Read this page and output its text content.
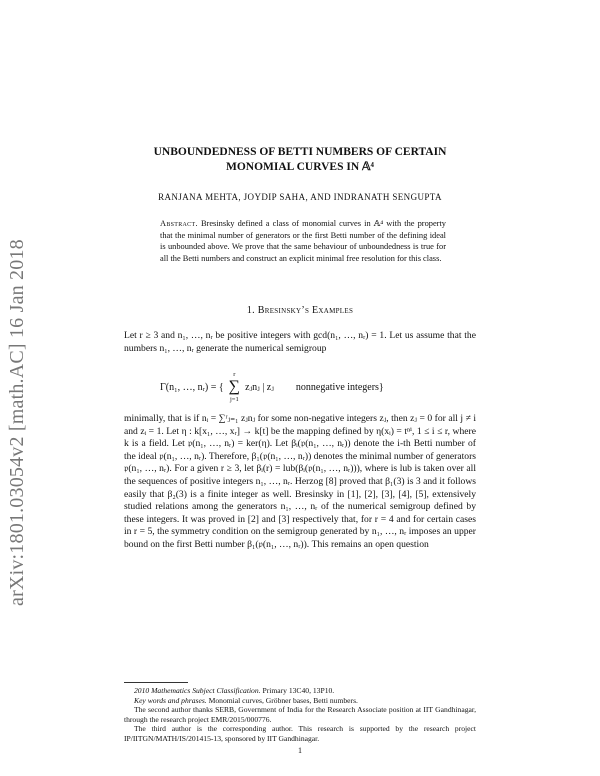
arXiv:1801.03054v2 [math.AC] 16 Jan 2018
UNBOUNDEDNESS OF BETTI NUMBERS OF CERTAIN
MONOMIAL CURVES IN 𝔸⁴
RANJANA MEHTA, JOYDIP SAHA, AND INDRANATH SENGUPTA
Abstract. Bresinsky defined a class of monomial curves in 𝔸⁴ with the property that the minimal number of generators or the first Betti number of the defining ideal is unbounded above. We prove that the same behaviour of unboundedness is true for all the Betti numbers and construct an explicit minimal free resolution for this class.
1. Bresinsky’s Examples
Let r ≥ 3 and n₁, …, nᵣ be positive integers with gcd(n₁, …, nᵣ) = 1. Let us assume that the numbers n₁, …, nᵣ generate the numerical semigroup
Γ(n₁, …, nᵣ) = {
r
∑
j=1
zⱼnⱼ | zⱼ nonnegative integers}
minimally, that is if nᵢ = ∑ʳⱼ₌₁ zⱼnⱼ for some non-negative integers zⱼ, then zⱼ = 0 for all j ≠ i and zᵢ = 1. Let η : k[x₁, …, xᵣ] → k[t] be the mapping defined by η(xᵢ) = tⁿⁱ, 1 ≤ i ≤ r, where k is a field. Let 𝔭(n₁, …, nᵣ) = ker(η). Let βᵢ(𝔭(n₁, …, nᵣ)) denote the i-th Betti number of the ideal 𝔭(n₁, …, nᵣ). Therefore, β₁(𝔭(n₁, …, nᵣ)) denotes the minimal number of generators 𝔭(n₁, …, nᵣ). For a given r ≥ 3, let βᵢ(r) = lub(βᵢ(𝔭(n₁, …, nᵣ))), where is lub is taken over all the sequences of positive integers n₁, …, nᵣ. Herzog [8] proved that β₁(3) is 3 and it follows easily that β₂(3) is a finite integer as well. Bresinsky in [1], [2], [3], [4], [5], extensively studied relations among the generators n₁, …, nᵣ of the numerical semigroup defined by these integers. It was proved in [2] and [3] respectively that, for r = 4 and for certain cases in r = 5, the symmetry condition on the semigroup generated by n₁, …, nᵣ imposes an upper bound on the first Betti number β₁(𝔭(n₁, …, nᵣ)). This remains an open question

2010 Mathematics Subject Classification. Primary 13C40, 13P10.

Key words and phrases. Monomial curves, Gröbner bases, Betti numbers.

The second author thanks SERB, Government of India for the Research Associate position at IIT Gandhinagar, through the research project EMR/2015/000776.

The third author is the corresponding author. This research is supported by the research project IP/IITGN/MATH/IS/201415-13, sponsored by IIT Gandhinagar.

1
